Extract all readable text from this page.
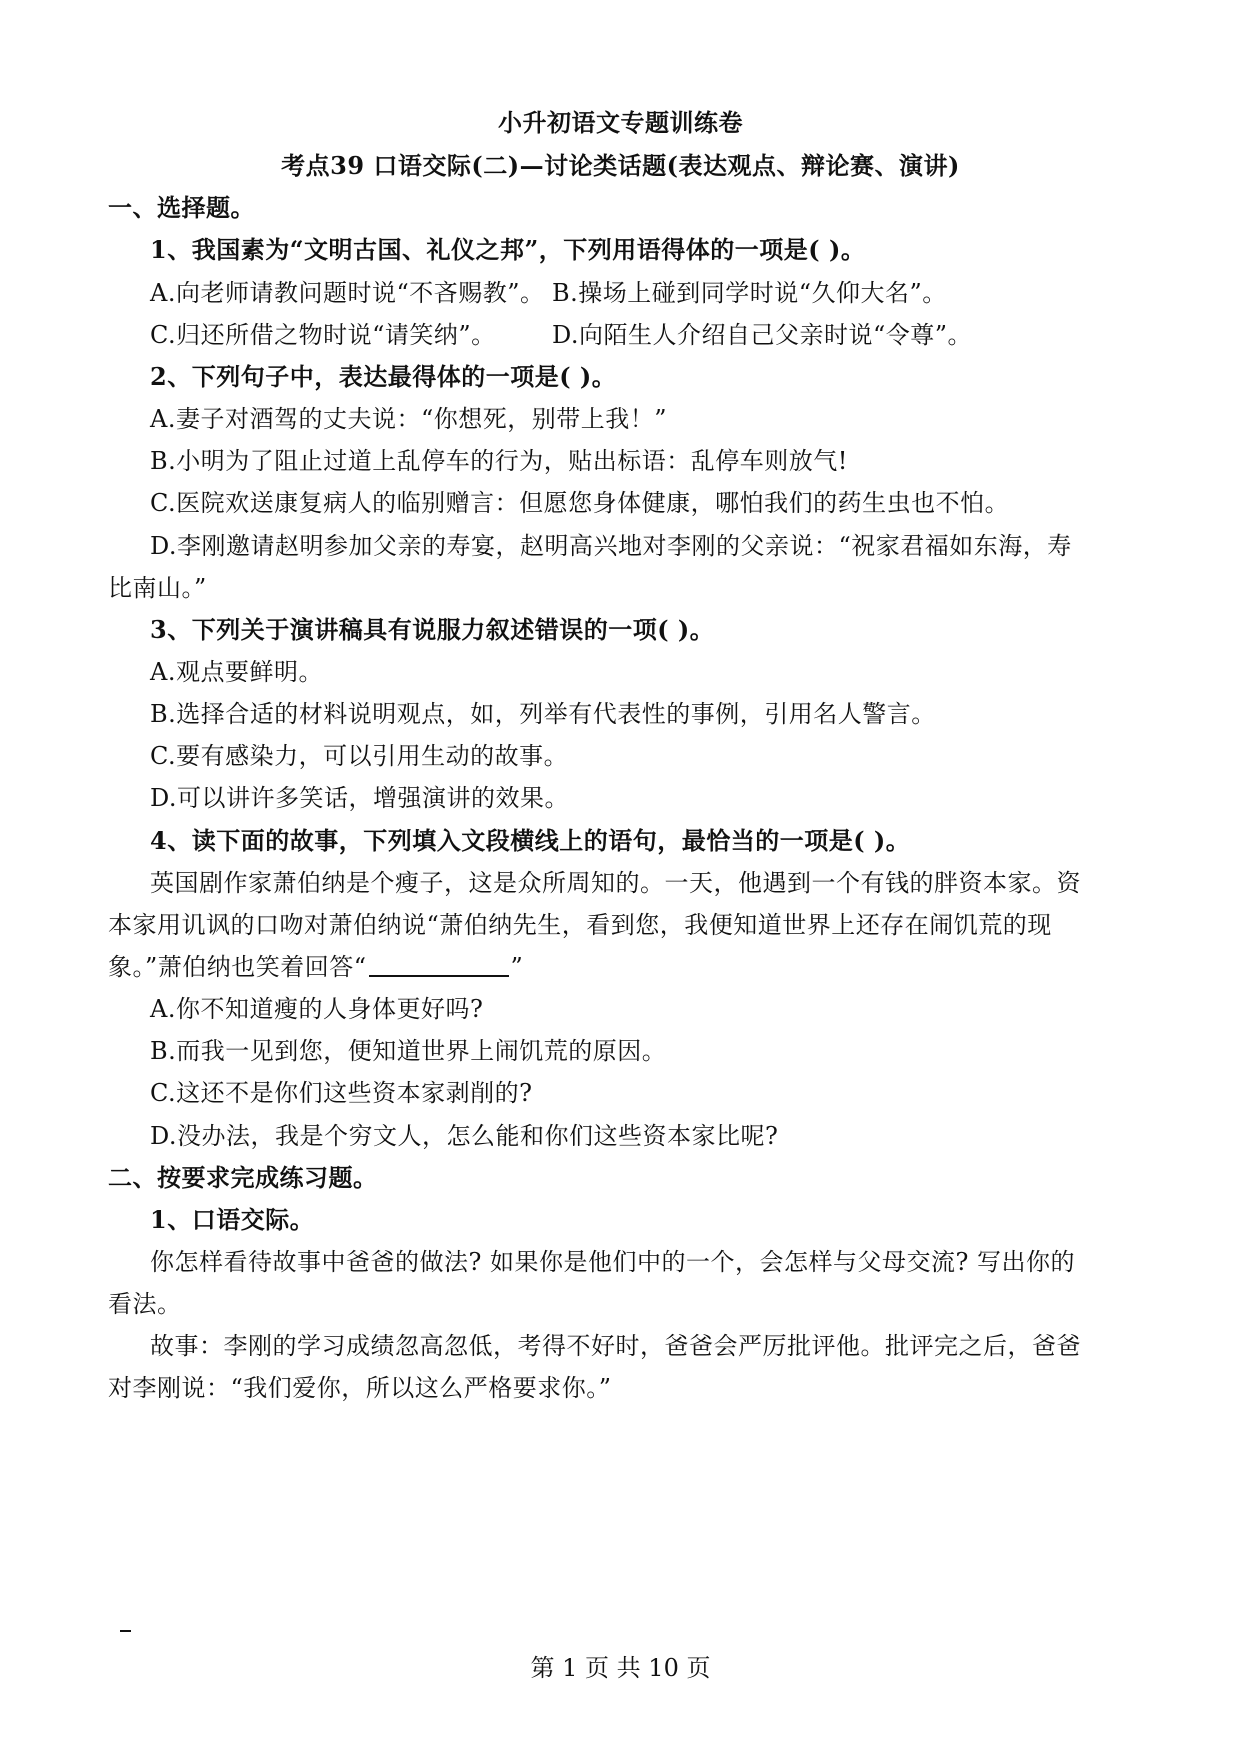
小升初语文专题训练卷
考点39 口语交际(二)—讨论类话题(表达观点、辩论赛、演讲)
一、选择题。
1、我国素为“文明古国、礼仪之邦”，下列用语得体的一项是( )。
A.向老师请教问题时说“不吝赐教”。 B.操场上碰到同学时说“久仰大名”。
C.归还所借之物时说“请笑纳”。	D.向陌生人介绍自己父亲时说“令尊”。
2、下列句子中，表达最得体的一项是( )。
A.妻子对酒驾的丈夫说：“你想死，别带上我！”
B.小明为了阻止过道上乱停车的行为，贴出标语：乱停车则放气!
C.医院欢送康复病人的临别赠言：但愿您身体健康，哪怕我们的药生虫也不怕。
D.李刚邀请赵明参加父亲的寿宴，赵明高兴地对李刚的父亲说：“祝家君福如东海，寿
比南山。”
3、下列关于演讲稿具有说服力叙述错误的一项( )。
A.观点要鲜明。
B.选择合适的材料说明观点，如，列举有代表性的事例，引用名人警言。
C.要有感染力，可以引用生动的故事。
D.可以讲许多笑话，增强演讲的效果。
4、读下面的故事，下列填入文段横线上的语句，最恰当的一项是( )。
英国剧作家萧伯纳是个瘦子，这是众所周知的。一天，他遇到一个有钱的胖资本家。资
本家用讥讽的口吻对萧伯纳说“萧伯纳先生，看到您，我便知道世界上还存在闹饥荒的现
象。”萧伯纳也笑着回答“	”
A.你不知道瘦的人身体更好吗?
B.而我一见到您，便知道世界上闹饥荒的原因。
C.这还不是你们这些资本家剥削的?
D.没办法，我是个穷文人，怎么能和你们这些资本家比呢?
二、按要求完成练习题。
1、口语交际。
你怎样看待故事中爸爸的做法? 如果你是他们中的一个，会怎样与父母交流? 写出你的
看法。
故事：李刚的学习成绩忽高忽低，考得不好时，爸爸会严厉批评他。批评完之后，爸爸
对李刚说：“我们爱你，所以这么严格要求你。”
第 1 页 共 10 页
